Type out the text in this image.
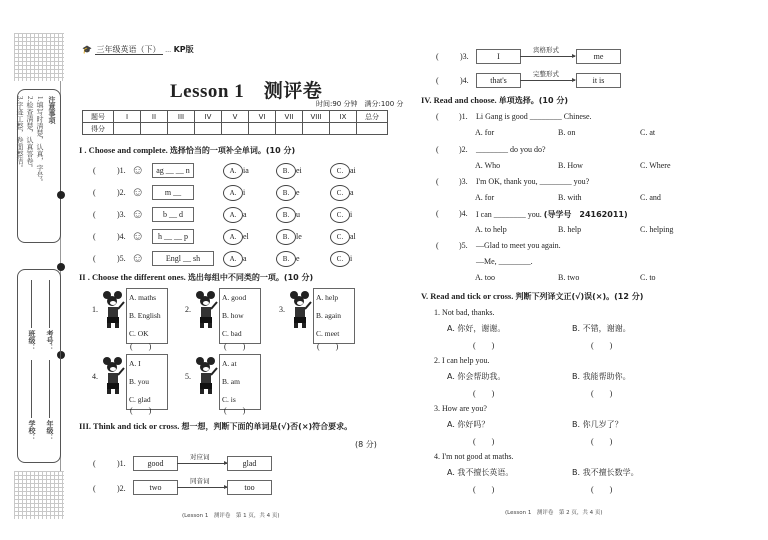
注意事项
1.填写时清楚，认真，字号。
2.检查清楚，认真答卷。
3.字迹工整，卷面整洁。
班级： 考号：
学校： 年级：
🎓 三年级英语（下） … KP版
Lesson 1　测评卷
时间:90 分钟　满分:100 分
题号	I	II	III	IV	V	VI	VII	VIII	IX	总分
得分										
I . Choose and complete. 选择恰当的一项补全单词。(10 分)
(	)1. ☺	ag __ __ n	A. ia	B. ei	C. ai
(	)2. ☺	m __	A. i	B. e	C. a
(	)3. ☺	b __ d	A. a	B. u	C. i
(	)4. ☺	h __ __ p	A. el	B. le	C. al
(	)5. ☺	Engl __ sh	A. a	B. e	C. i
II . Choose the different ones. 选出每组中不同类的一项。(10 分)
1.
A. maths
B. English
C. OK
(　　)
2.
A. good
B. how
C. bad
(　　)
3.
A. help
B. again
C. meet
(　　)
4.
A. I
B. you
C. glad
(　　)
5.
A. at
B. am
C. is
(　　)
III. Think and tick or cross. 想一想，判断下面的单词是(√)否(×)符合要求。
(8 分)
(	)1.	good
对应词
glad
(	)2.	two
同音词
too
(Lesson 1　测评卷　第 1 页，共 4 页)
(	)3.	I
宾格形式
me
(	)4.	that's
完整形式
it is
IV. Read and choose. 单项选择。(10 分)
(	)1. Li Gang is good ________ Chinese.
A. for	B. on	C. at
(	)2. ________ do you do?
A. Who	B. How	C. Where
(	)3. I'm OK, thank you, ________ you?
A. for	B. with	C. and
(	)4. I can ________ you. (导学号　24162011)
A. to help	B. help	C. helping
(	)5. —Glad to meet you again.
—Me, ________.
A. too	B. two	C. to
V. Read and tick or cross. 判断下列译文正(√)误(×)。(12 分)
1. Not bad, thanks.
A. 你好，谢谢。	B. 不错，谢谢。
(　　)	(　　)
2. I can help you.
A. 你会帮助我。	B. 我能帮助你。
(　　)	(　　)
3. How are you?
A. 你好吗？	B. 你几岁了？
(　　)	(　　)
4. I'm not good at maths.
A. 我不擅长英语。	B. 我不擅长数学。
(　　)	(　　)
(Lesson 1　测评卷　第 2 页，共 4 页)
